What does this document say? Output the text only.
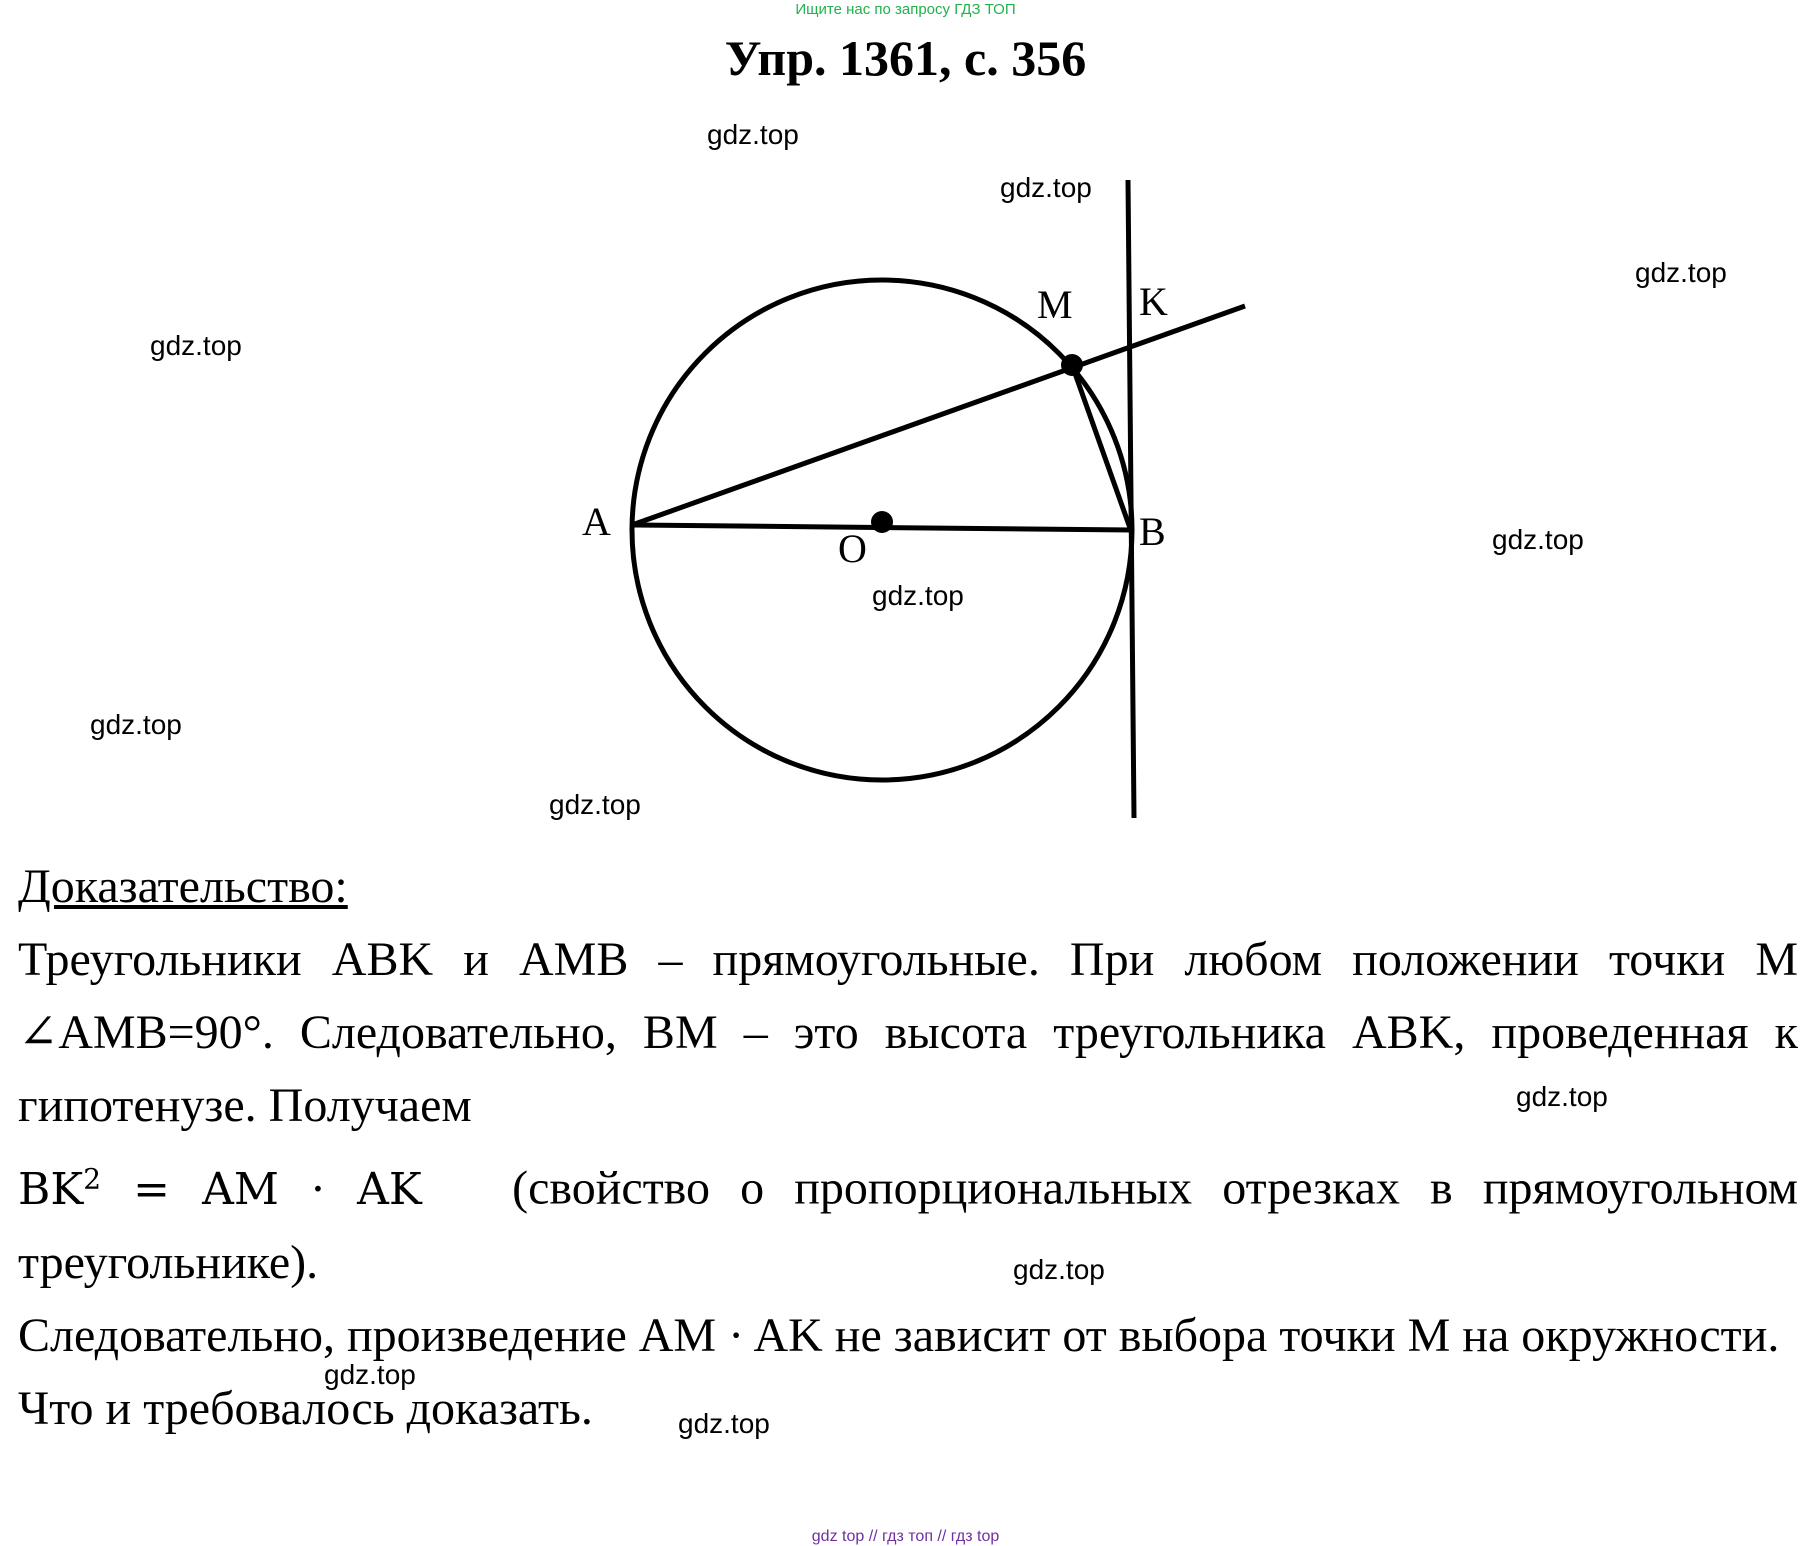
Ищите нас по запросу ГДЗ ТОП
Упр. 1361, с. 356
A	B
M K
O
gdz.top
gdz.top
gdz.top
gdz.top
gdz.top
gdz.top
gdz.top
gdz.top

Доказательство:

Треугольники ABK и AMB – прямоугольные. При любом положении точки M ∠AMB=90°. Следовательно, BM – это высота треугольника ABK, проведенная к гипотенузе. Получаем

$BK^2$ = AM · AK (свойство о пропорциональных отрезках в прямоугольном треугольнике).

Следовательно, произведение AM · AK не зависит от выбора точки M на окружности.

Что и требовалось доказать.

gdz.top
gdz.top
gdz.top
gdz.top
gdz top // гдз топ // гдз top
